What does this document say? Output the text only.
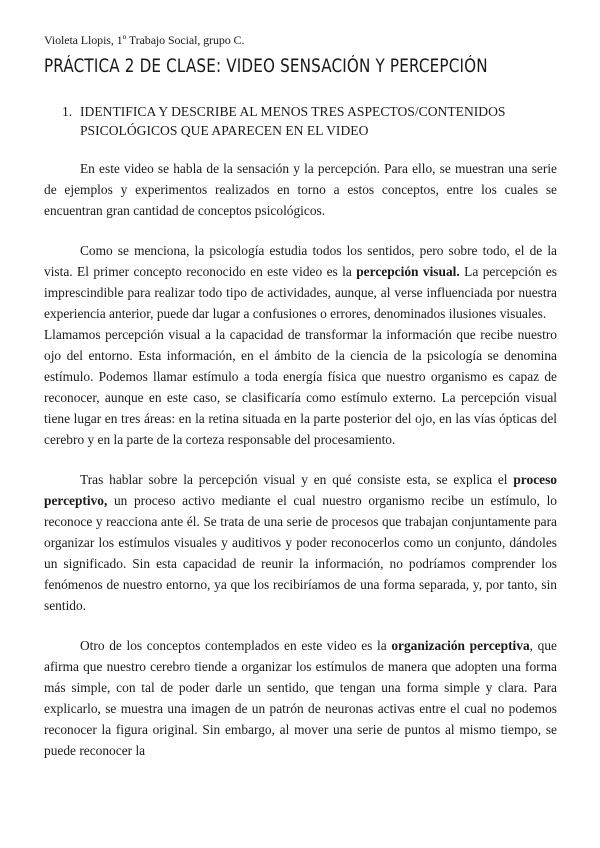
Violeta Llopis, 1º Trabajo Social, grupo C.
PRÁCTICA 2 DE CLASE: VIDEO SENSACIÓN Y PERCEPCIÓN
1. IDENTIFICA Y DESCRIBE AL MENOS TRES ASPECTOS/CONTENIDOS PSICOLÓGICOS QUE APARECEN EN EL VIDEO

En este video se habla de la sensación y la percepción. Para ello, se muestran una serie de ejemplos y experimentos realizados en torno a estos conceptos, entre los cuales se encuentran gran cantidad de conceptos psicológicos.

Como se menciona, la psicología estudia todos los sentidos, pero sobre todo, el de la vista. El primer concepto reconocido en este video es la percepción visual. La percepción es imprescindible para realizar todo tipo de actividades, aunque, al verse influenciada por nuestra experiencia anterior, puede dar lugar a confusiones o errores, denominados ilusiones visuales.
Llamamos percepción visual a la capacidad de transformar la información que recibe nuestro ojo del entorno. Esta información, en el ámbito de la ciencia de la psicología se denomina estímulo. Podemos llamar estímulo a toda energía física que nuestro organismo es capaz de reconocer, aunque en este caso, se clasificaría como estímulo externo. La percepción visual tiene lugar en tres áreas: en la retina situada en la parte posterior del ojo, en las vías ópticas del cerebro y en la parte de la corteza responsable del procesamiento.

Tras hablar sobre la percepción visual y en qué consiste esta, se explica el proceso perceptivo, un proceso activo mediante el cual nuestro organismo recibe un estímulo, lo reconoce y reacciona ante él. Se trata de una serie de procesos que trabajan conjuntamente para organizar los estímulos visuales y auditivos y poder reconocerlos como un conjunto, dándoles un significado. Sin esta capacidad de reunir la información, no podríamos comprender los fenómenos de nuestro entorno, ya que los recibiríamos de una forma separada, y, por tanto, sin sentido.

Otro de los conceptos contemplados en este video es la organización perceptiva, que afirma que nuestro cerebro tiende a organizar los estímulos de manera que adopten una forma más simple, con tal de poder darle un sentido, que tengan una forma simple y clara. Para explicarlo, se muestra una imagen de un patrón de neuronas activas entre el cual no podemos reconocer la figura original. Sin embargo, al mover una serie de puntos al mismo tiempo, se puede reconocer la
